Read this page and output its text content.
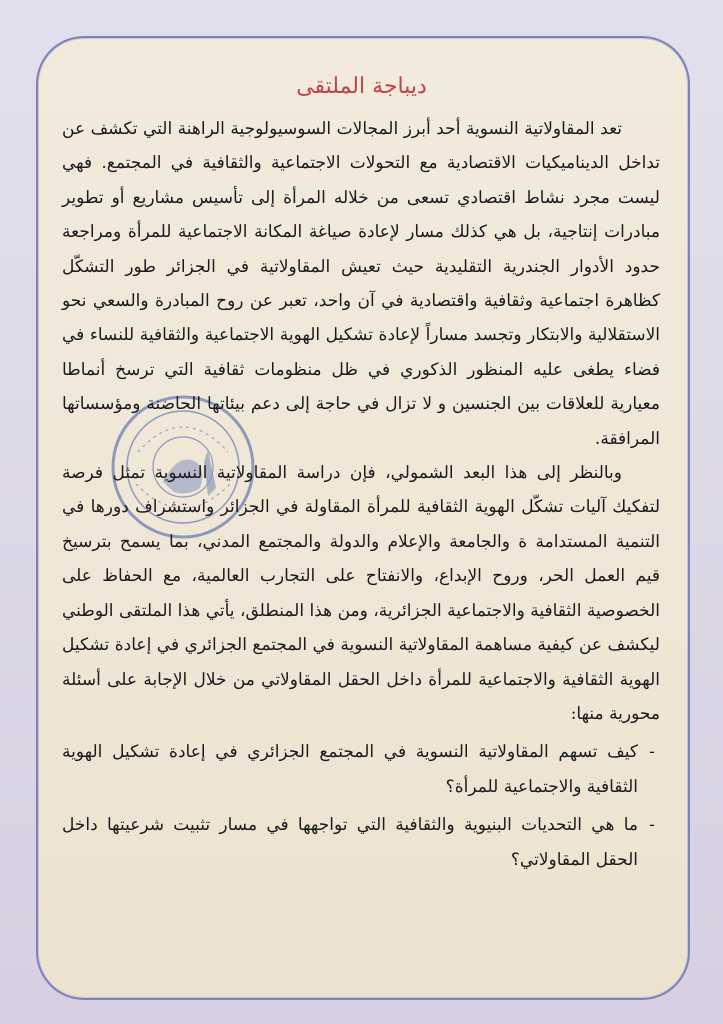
ديباجة الملتقى

تعد المقاولاتية النسوية أحد أبرز المجالات السوسيولوجية الراهنة التي تكشف عن تداخل الديناميكيات الاقتصادية مع التحولات الاجتماعية والثقافية في المجتمع. فهي ليست مجرد نشاط اقتصادي تسعى من خلاله المرأة إلى تأسيس مشاريع أو تطوير مبادرات إنتاجية، بل هي كذلك مسار لإعادة صياغة المكانة الاجتماعية للمرأة ومراجعة حدود الأدوار الجندرية التقليدية حيث تعيش المقاولاتية في الجزائر طور التشكّل كظاهرة اجتماعية وثقافية واقتصادية في آن واحد، تعبر عن روح المبادرة والسعي نحو الاستقلالية والابتكار وتجسد مساراً لإعادة تشكيل الهوية الاجتماعية والثقافية للنساء في فضاء يطغى عليه المنظور الذكوري في ظل منظومات ثقافية التي ترسخ أنماطا معيارية للعلاقات بين الجنسين و لا تزال في حاجة إلى دعم بيئاتها الحاضنة ومؤسساتها المرافقة.

وبالنظر إلى هذا البعد الشمولي، فإن دراسة المقاولاتية النسوية تمثل فرصة لتفكيك آليات تشكّل الهوية الثقافية للمرأة المقاولة في الجزائر واستشراف دورها في التنمية المستدامة ة والجامعة والإعلام والدولة والمجتمع المدني، بما يسمح بترسيخ قيم العمل الحر، وروح الإبداع، والانفتاح على التجارب العالمية، مع الحفاظ على الخصوصية الثقافية والاجتماعية الجزائرية، ومن هذا المنطلق، يأتي هذا الملتقى الوطني ليكشف عن كيفية مساهمة المقاولاتية النسوية في المجتمع الجزائري في إعادة تشكيل الهوية الثقافية والاجتماعية للمرأة داخل الحقل المقاولاتي من خلال الإجابة على أسئلة محورية منها:

-
كيف تسهم المقاولاتية النسوية في المجتمع الجزائري في إعادة تشكيل الهوية الثقافية والاجتماعية للمرأة؟
-
ما هي التحديات البنيوية والثقافية التي تواجهها في مسار تثبيت شرعيتها داخل الحقل المقاولاتي؟
